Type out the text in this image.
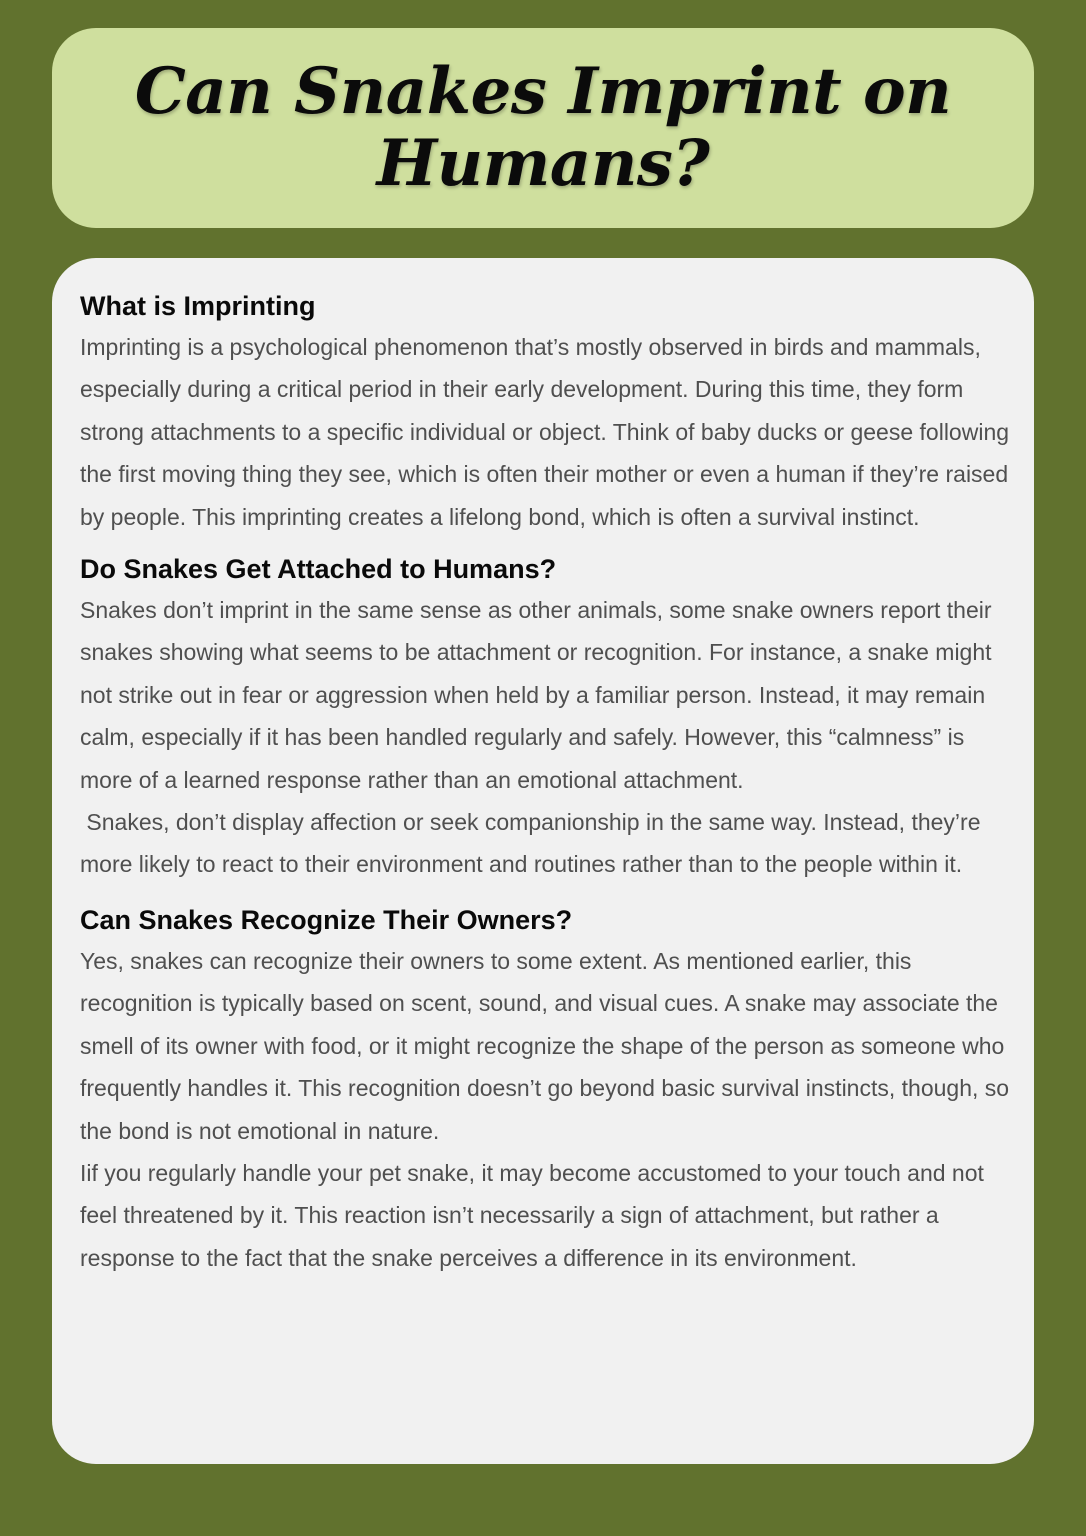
Can Snakes Imprint on Humans?
What is Imprinting

Imprinting is a psychological phenomenon that’s mostly observed in birds and mammals, especially during a critical period in their early development. During this time, they form strong attachments to a specific individual or object. Think of baby ducks or geese following the first moving thing they see, which is often their mother or even a human if they’re raised by people. This imprinting creates a lifelong bond, which is often a survival instinct.

Do Snakes Get Attached to Humans?

Snakes don’t imprint in the same sense as other animals, some snake owners report their snakes showing what seems to be attachment or recognition. For instance, a snake might not strike out in fear or aggression when held by a familiar person. Instead, it may remain calm, especially if it has been handled regularly and safely. However, this “calmness” is more of a learned response rather than an emotional attachment.

Snakes, don’t display affection or seek companionship in the same way. Instead, they’re more likely to react to their environment and routines rather than to the people within it.

Can Snakes Recognize Their Owners?

Yes, snakes can recognize their owners to some extent. As mentioned earlier, this recognition is typically based on scent, sound, and visual cues. A snake may associate the smell of its owner with food, or it might recognize the shape of the person as someone who frequently handles it. This recognition doesn’t go beyond basic survival instincts, though, so the bond is not emotional in nature.

Iif you regularly handle your pet snake, it may become accustomed to your touch and not feel threatened by it. This reaction isn’t necessarily a sign of attachment, but rather a response to the fact that the snake perceives a difference in its environment.
